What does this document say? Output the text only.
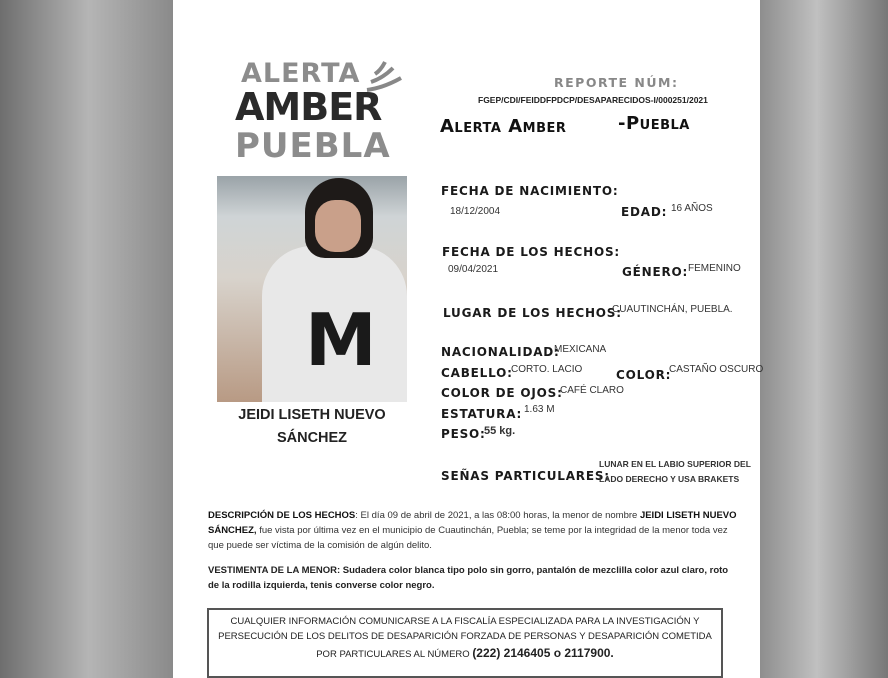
ALERTA
AMBER
PUEBLA
M
JEIDI LISETH NUEVO
SÁNCHEZ
REPORTE NÚM:
FGEP/CDI/FEIDDFPDCP/DESAPARECIDOS-I/000251/2021
Alerta Amber	-Puebla
FECHA DE NACIMIENTO:
18/12/2004	EDAD: 16 AÑOS
FECHA DE LOS HECHOS:
09/04/2021	GÉNERO: FEMENINO
LUGAR DE LOS HECHOS:
CUAUTINCHÁN, PUEBLA.
NACIONALIDAD:
MEXICANA
CABELLO:
CORTO. LACIO	COLOR:
CASTAÑO OSCURO
COLOR DE OJOS:
CAFÉ CLARO
ESTATURA: 1.63 M
PESO:
55 kg.
SEÑAS PARTICULARES:
LUNAR EN EL LABIO SUPERIOR DEL
LADO DERECHO Y USA BRAKETS
DESCRIPCIÓN DE LOS HECHOS: El día 09 de abril de 2021, a las 08:00 horas, la menor de nombre JEIDI LISETH NUEVO SÁNCHEZ, fue vista por última vez en el municipio de Cuautinchán, Puebla; se teme por la integridad de la menor toda vez que puede ser víctima de la comisión de algún delito.
VESTIMENTA DE LA MENOR: Sudadera color blanca tipo polo sin gorro, pantalón de mezclilla color azul claro, roto de la rodilla izquierda, tenis converse color negro.
CUALQUIER INFORMACIÓN COMUNICARSE A LA FISCALÍA ESPECIALIZADA PARA LA INVESTIGACIÓN Y PERSECUCIÓN DE LOS DELITOS DE DESAPARICIÓN FORZADA DE PERSONAS Y DESAPARICIÓN COMETIDA POR PARTICULARES AL NÚMERO (222) 2146405 o 2117900.
